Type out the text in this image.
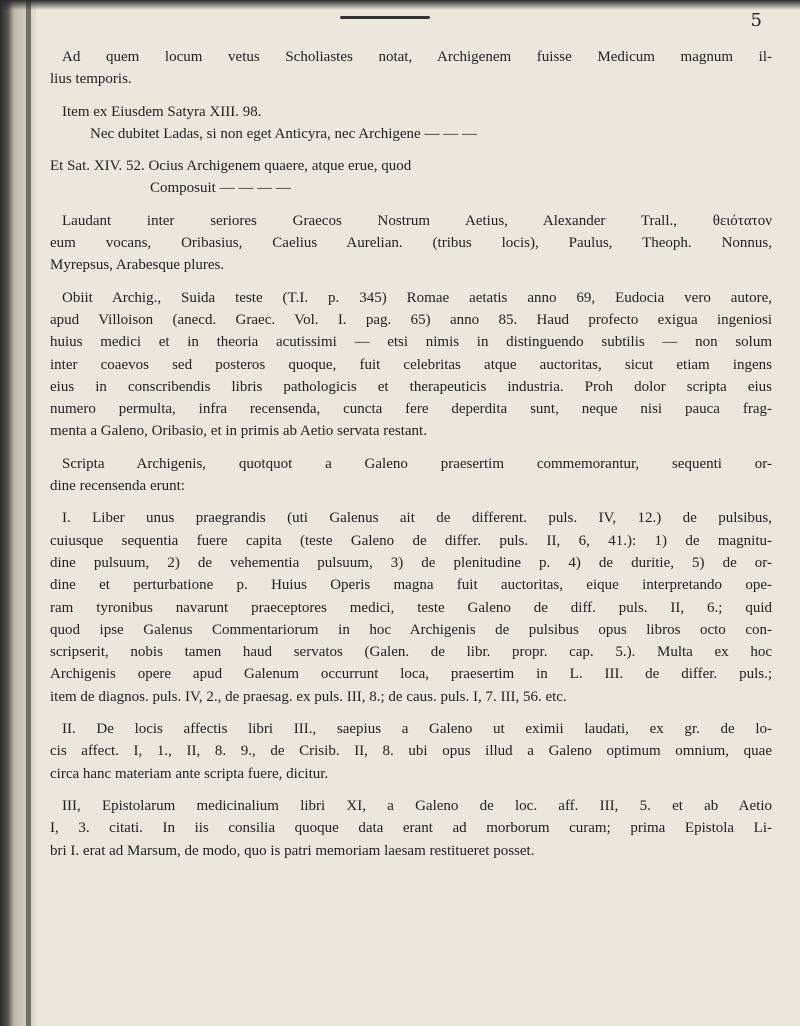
5
Ad quem locum vetus Scholiastes notat, Archigenem fuisse Medicum magnum il-
lius temporis.
Item ex Eiusdem Satyra XIII. 98.
Nec dubitet Ladas, si non eget Anticyra, nec Archigene — — —
Et Sat. XIV. 52. Ocius Archigenem quaere, atque erue, quod
Composuit — — — —
Laudant inter seriores Graecos Nostrum Aetius, Alexander Trall., θειότατον
eum vocans, Oribasius, Caelius Aurelian. (tribus locis), Paulus, Theoph. Nonnus,
Myrepsus, Arabesque plures.
Obiit Archig., Suida teste (T.I. p. 345) Romae aetatis anno 69, Eudocia vero autore,
apud Villoison (anecd. Graec. Vol. I. pag. 65) anno 85. Haud profecto exigua ingeniosi
huius medici et in theoria acutissimi — etsi nimis in distinguendo subtilis — non solum
inter coaevos sed posteros quoque, fuit celebritas atque auctoritas, sicut etiam ingens
eius in conscribendis libris pathologicis et therapeuticis industria. Proh dolor scripta eius
numero permulta, infra recensenda, cuncta fere deperdita sunt, neque nisi pauca frag-
menta a Galeno, Oribasio, et in primis ab Aetio servata restant.
Scripta Archigenis, quotquot a Galeno praesertim commemorantur, sequenti or-
dine recensenda erunt:
I. Liber unus praegrandis (uti Galenus ait de different. puls. IV, 12.) de pulsibus,
cuiusque sequentia fuere capita (teste Galeno de differ. puls. II, 6, 41.): 1) de magnitu-
dine pulsuum, 2) de vehementia pulsuum, 3) de plenitudine p. 4) de duritie, 5) de or-
dine et perturbatione p. Huius Operis magna fuit auctoritas, eique interpretando ope-
ram tyronibus navarunt praeceptores medici, teste Galeno de diff. puls. II, 6.; quid
quod ipse Galenus Commentariorum in hoc Archigenis de pulsibus opus libros octo con-
scripserit, nobis tamen haud servatos (Galen. de libr. propr. cap. 5.). Multa ex hoc
Archigenis opere apud Galenum occurrunt loca, praesertim in L. III. de differ. puls.;
item de diagnos. puls. IV, 2., de praesag. ex puls. III, 8.; de caus. puls. I, 7. III, 56. etc.
II. De locis affectis libri III., saepius a Galeno ut eximii laudati, ex gr. de lo-
cis affect. I, 1., II, 8. 9., de Crisib. II, 8. ubi opus illud a Galeno optimum omnium, quae
circa hanc materiam ante scripta fuere, dicitur.
III, Epistolarum medicinalium libri XI, a Galeno de loc. aff. III, 5. et ab Aetio
I, 3. citati. In iis consilia quoque data erant ad morborum curam; prima Epistola Li-
bri I. erat ad Marsum, de modo, quo is patri memoriam laesam restitueret posset.
